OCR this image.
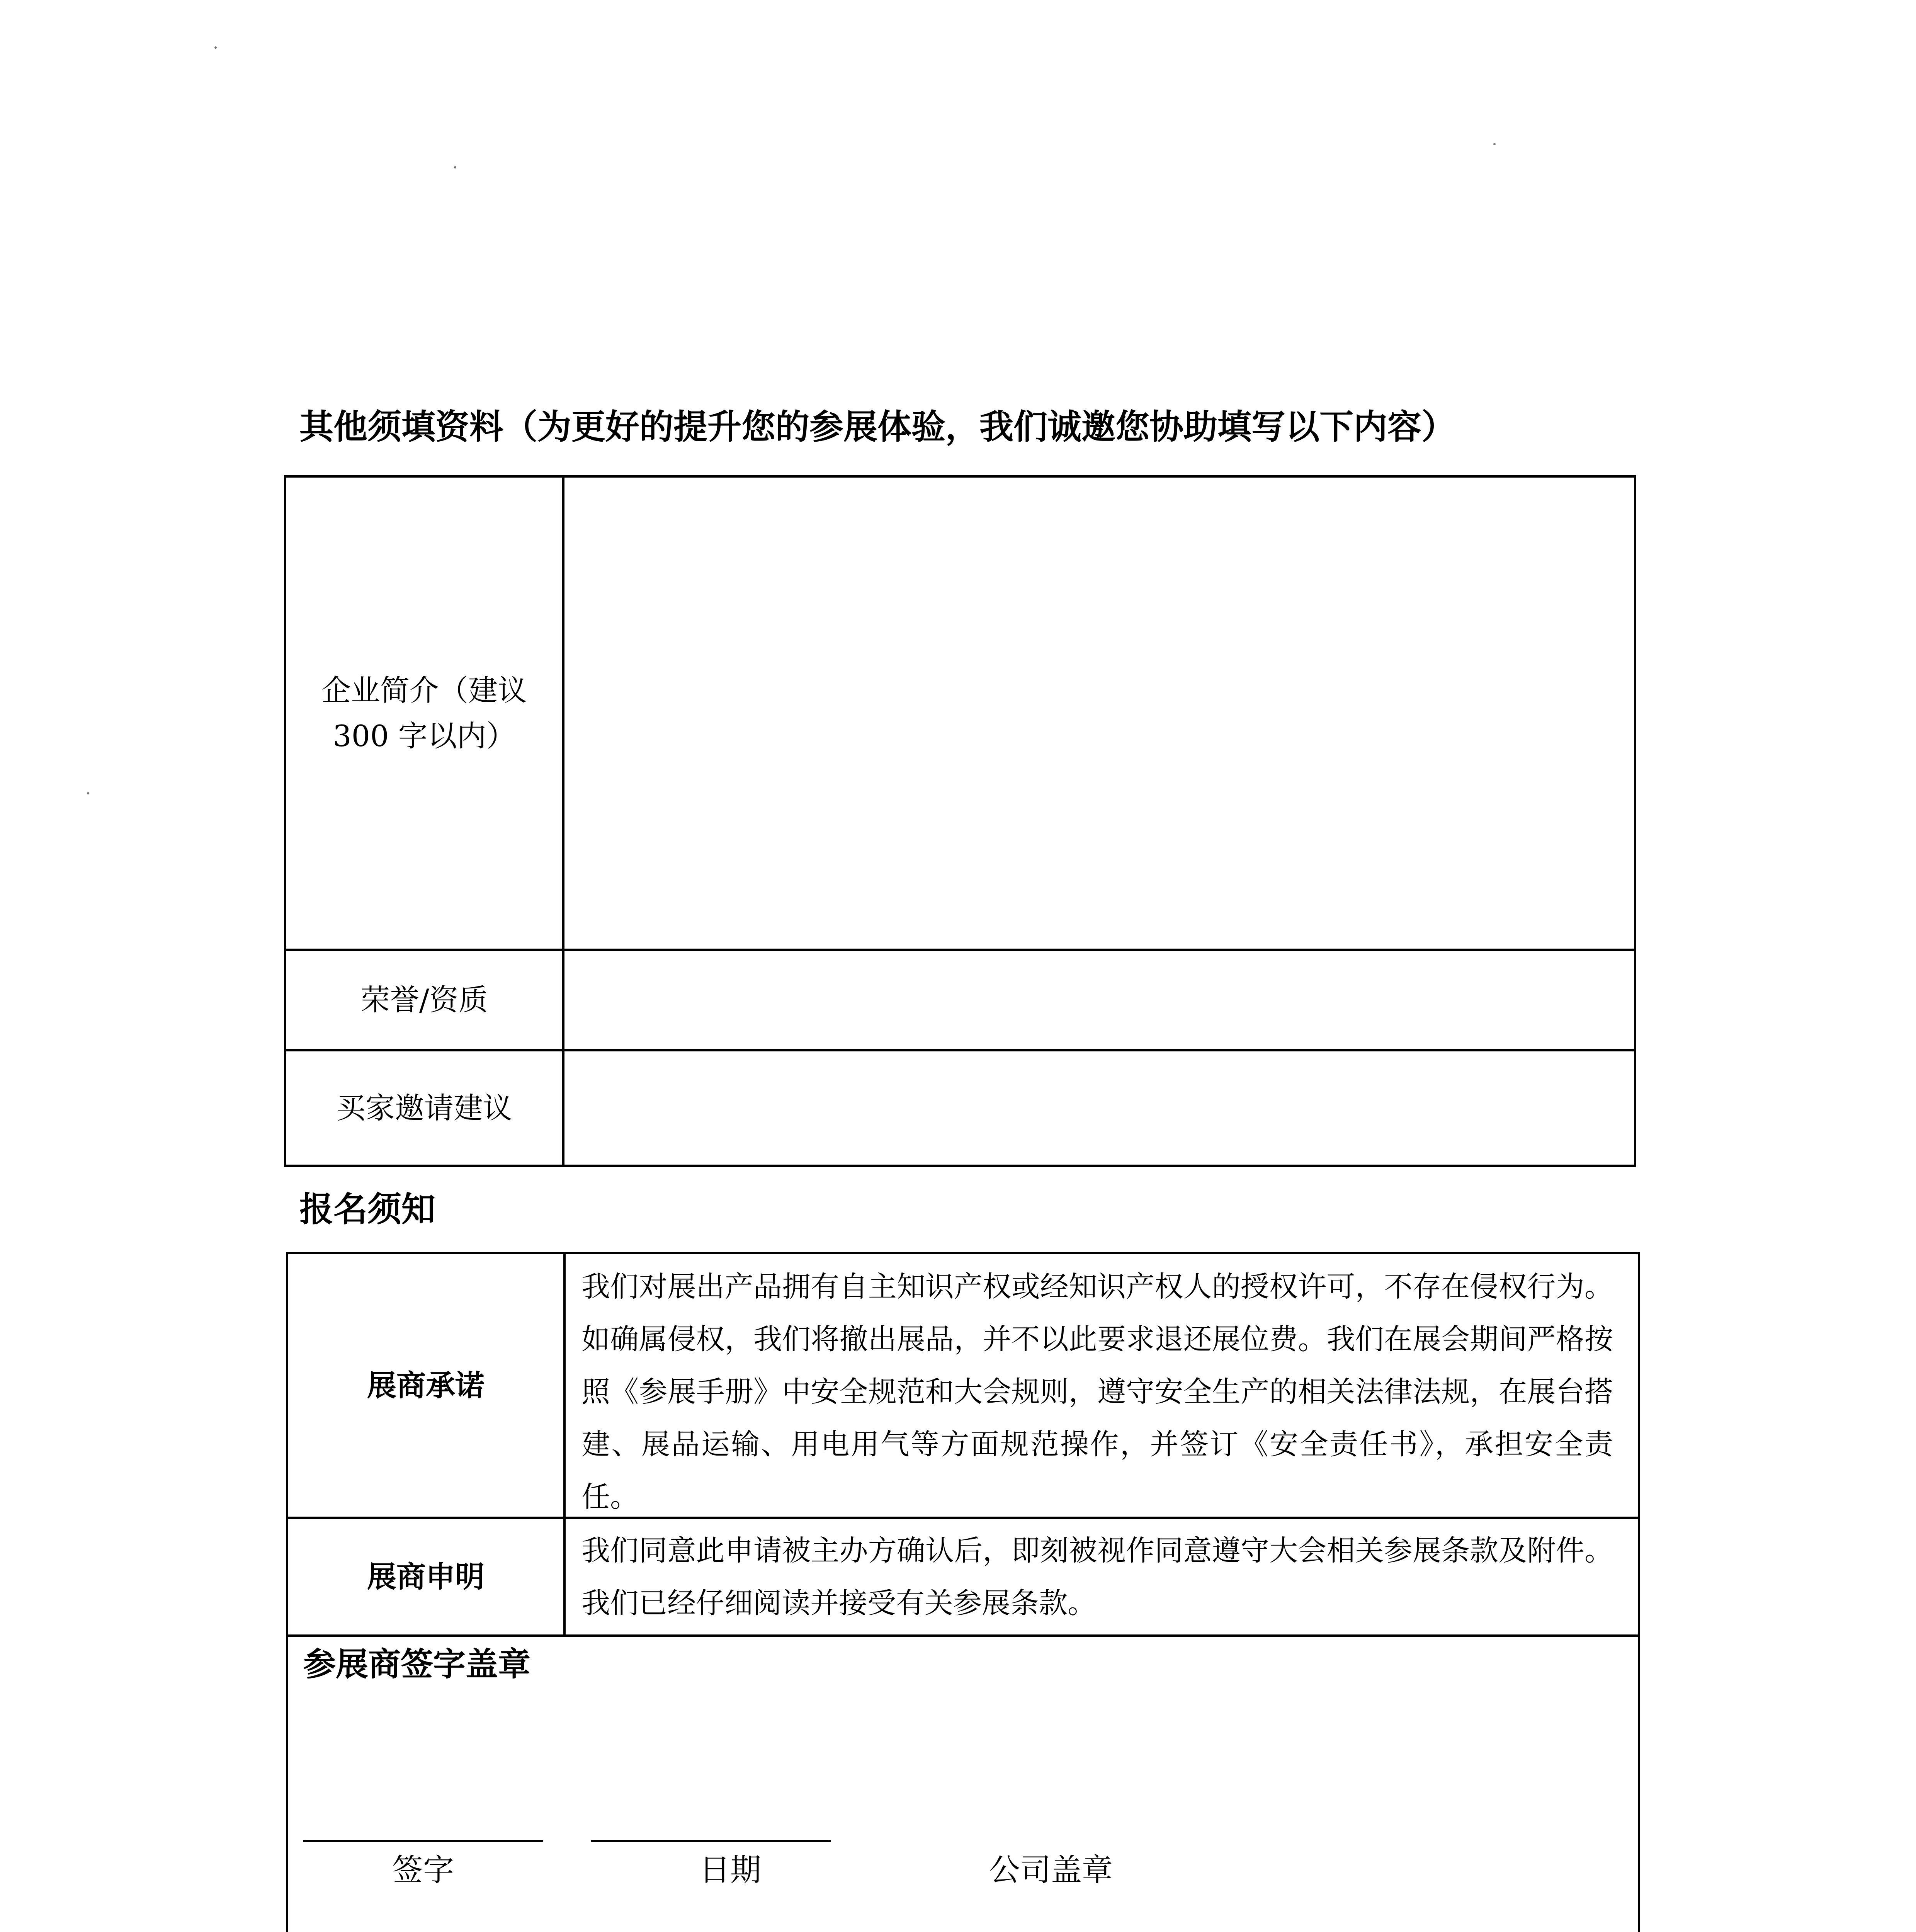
其他须填资料（为更好的提升您的参展体验，我们诚邀您协助填写以下内容）
企业简介（建议
300 字以内）
荣誉/资质
买家邀请建议
报名须知
展商承诺
我们对展出产品拥有自主知识产权或经知识产权人的授权许可，不存在侵权行为。如确属侵权，我们将撤出展品，并不以此要求退还展位费。我们在展会期间严格按照《参展手册》中安全规范和大会规则，遵守安全生产的相关法律法规，在展台搭建、展品运输、用电用气等方面规范操作，并签订《安全责任书》，承担安全责任。
展商申明
我们同意此申请被主办方确认后，即刻被视作同意遵守大会相关参展条款及附件。我们已经仔细阅读并接受有关参展条款。
参展商签字盖章
签字	日期	公司盖章
